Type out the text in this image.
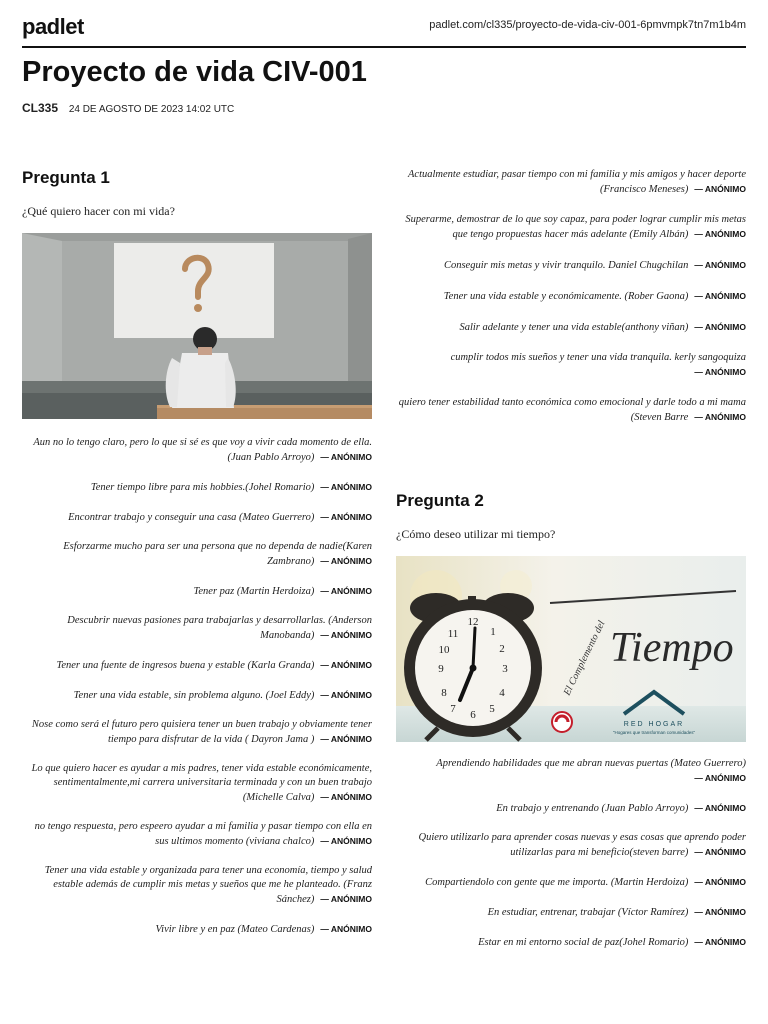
padlet	padlet.com/cl335/proyecto-de-vida-civ-001-6pmvmpk7tn7m1b4m
Proyecto de vida CIV-001
CL335 24 DE AGOSTO DE 2023 14:02 UTC
Pregunta 1

¿Qué quiero hacer con mi vida?

Aun no lo tengo claro, pero lo que si sé es que voy a vivir cada momento de ella. (Juan Pablo Arroyo) — ANÓNIMO

Tener tiempo libre para mis hobbies.(Johel Romario) — ANÓNIMO

Encontrar trabajo y conseguir una casa (Mateo Guerrero) — ANÓNIMO

Esforzarme mucho para ser una persona que no dependa de nadie(Karen Zambrano) — ANÓNIMO

Tener paz (Martin Herdoiza) — ANÓNIMO

Descubrir nuevas pasiones para trabajarlas y desarrollarlas. (Anderson Manobanda) — ANÓNIMO

Tener una fuente de ingresos buena y estable (Karla Granda) — ANÓNIMO

Tener una vida estable, sin problema alguno. (Joel Eddy) — ANÓNIMO

Nose como será el futuro pero quisiera tener un buen trabajo y obviamente tener tiempo para disfrutar de la vida ( Dayron Jama ) — ANÓNIMO

Lo que quiero hacer es ayudar a mis padres, tener vida estable económicamente, sentimentalmente,mi carrera universitaria terminada y con un buen trabajo (Michelle Calva) — ANÓNIMO

no tengo respuesta, pero espeero ayudar a mi familia y pasar tiempo con ella en sus ultimos momento (viviana chalco) — ANÓNIMO

Tener una vida estable y organizada para tener una economía, tiempo y salud estable además de cumplir mis metas y sueños que me he planteado. (Franz Sánchez) — ANÓNIMO

Vivir libre y en paz (Mateo Cardenas) — ANÓNIMO

Actualmente estudiar, pasar tiempo con mi familia y mis amigos y hacer deporte (Francisco Meneses) — ANÓNIMO

Superarme, demostrar de lo que soy capaz, para poder lograr cumplir mis metas que tengo propuestas hacer más adelante (Emily Albán) — ANÓNIMO

Conseguir mis metas y vivir tranquilo. Daniel Chugchilan — ANÓNIMO

Tener una vida estable y económicamente. (Rober Gaona) — ANÓNIMO

Salir adelante y tener una vida estable(anthony viñan) — ANÓNIMO

cumplir todos mis sueños y tener una vida tranquila. kerly sangoquiza— ANÓNIMO

quiero tener estabilidad tanto económica como emocional y darle todo a mi mama (Steven Barre — ANÓNIMO

Pregunta 2

¿Cómo deseo utilizar mi tiempo?

12
3
6
9
1
2
4
5
7
8
10
11	El Complemento del Tiempo
RED HOGAR
"Hogares que transforman comunidades"

Aprendiendo habilidades que me abran nuevas puertas (Mateo Guerrero)— ANÓNIMO

En trabajo y entrenando (Juan Pablo Arroyo) — ANÓNIMO

Quiero utilizarlo para aprender cosas nuevas y esas cosas que aprendo poder utilizarlas para mi beneficio(steven barre) — ANÓNIMO

Compartiendolo con gente que me importa. (Martin Herdoiza) — ANÓNIMO

En estudiar, entrenar, trabajar (Víctor Ramírez) — ANÓNIMO

Estar en mi entorno social de paz(Johel Romario) — ANÓNIMO
